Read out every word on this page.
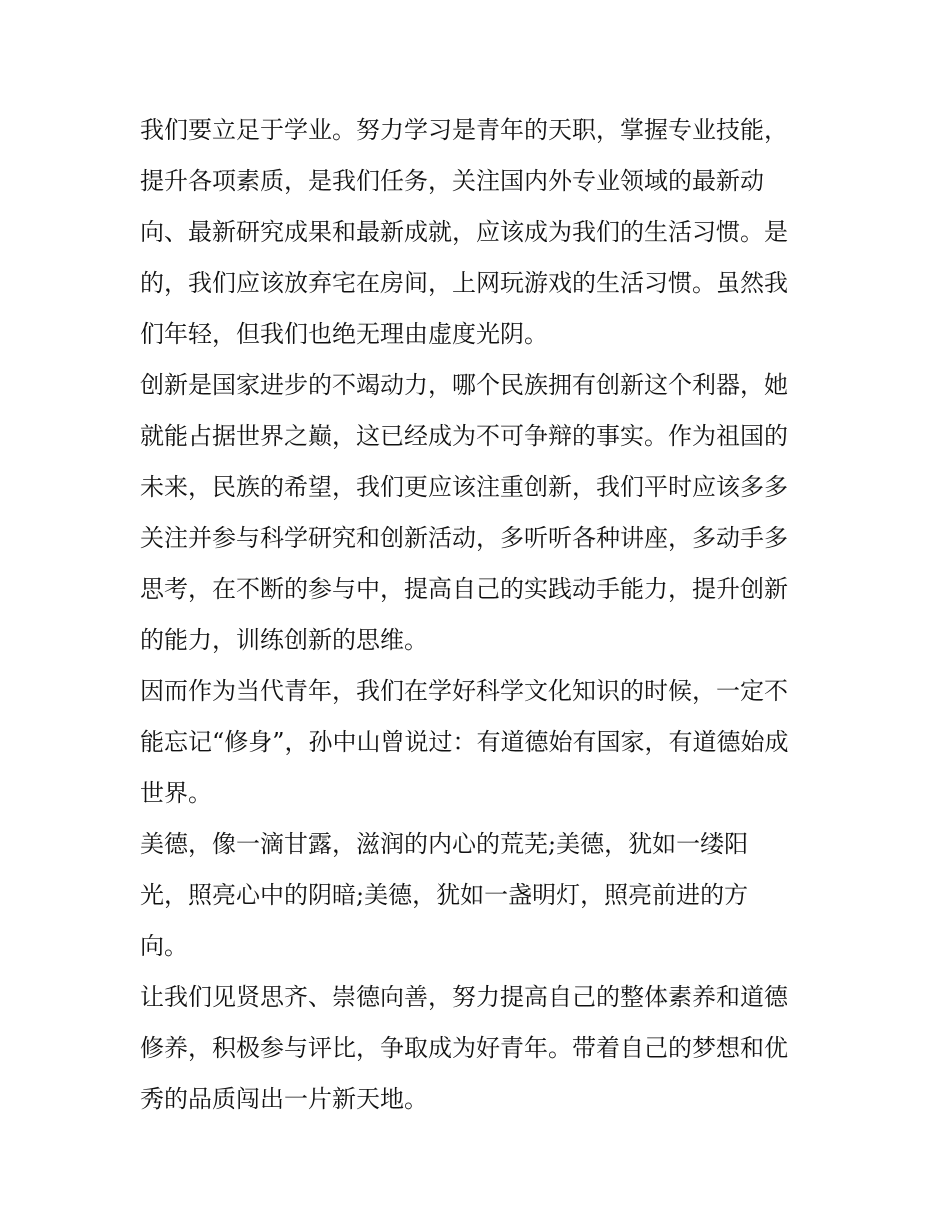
我们要立足于学业。努力学习是青年的天职，掌握专业技能，
提升各项素质，是我们任务，关注国内外专业领域的最新动
向、最新研究成果和最新成就，应该成为我们的生活习惯。是
的，我们应该放弃宅在房间，上网玩游戏的生活习惯。虽然我
们年轻，但我们也绝无理由虚度光阴。
创新是国家进步的不竭动力，哪个民族拥有创新这个利器，她
就能占据世界之巅，这已经成为不可争辩的事实。作为祖国的
未来，民族的希望，我们更应该注重创新，我们平时应该多多
关注并参与科学研究和创新活动，多听听各种讲座，多动手多
思考，在不断的参与中，提高自己的实践动手能力，提升创新
的能力，训练创新的思维。
因而作为当代青年，我们在学好科学文化知识的时候，一定不
能忘记“修身”，孙中山曾说过：有道德始有国家，有道德始成
世界。
美德，像一滴甘露，滋润的内心的荒芜;美德，犹如一缕阳
光，照亮心中的阴暗;美德，犹如一盏明灯，照亮前进的方
向。
让我们见贤思齐、崇德向善，努力提高自己的整体素养和道德
修养，积极参与评比，争取成为好青年。带着自己的梦想和优
秀的品质闯出一片新天地。
